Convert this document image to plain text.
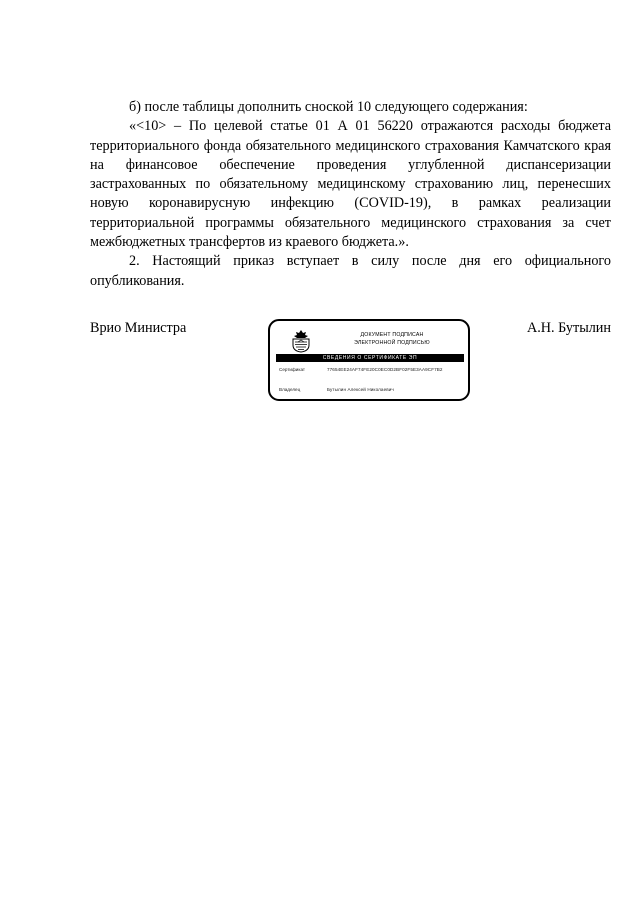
б) после таблицы дополнить сноской 10 следующего содержания:

«<10> – По целевой статье 01 А 01 56220 отражаются расходы бюджета территориального фонда обязательного медицинского страхования Камчатского края на финансовое обеспечение проведения углубленной диспансеризации застрахованных по обязательному медицинскому страхованию лиц, перенесших новую коронавирусную инфекцию (COVID-19), в рамках реализации территориальной программы обязательного медицинского страхования за счет межбюджетных трансфертов из краевого бюджета.».

2. Настоящий приказ вступает в силу после дня его официального опубликования.

Врио Министра	ДОКУМЕНТ ПОДПИСАН
ЭЛЕКТРОННОЙ ПОДПИСЬЮ
СВЕДЕНИЯ О СЕРТИФИКАТЕ ЭП
Сертификат	77654EE24AF74FE20C0EC0D2BF02F5E3AA9CF7B2
Владелец	Бутылин Алексей Николаевич
А.Н. Бутылин
